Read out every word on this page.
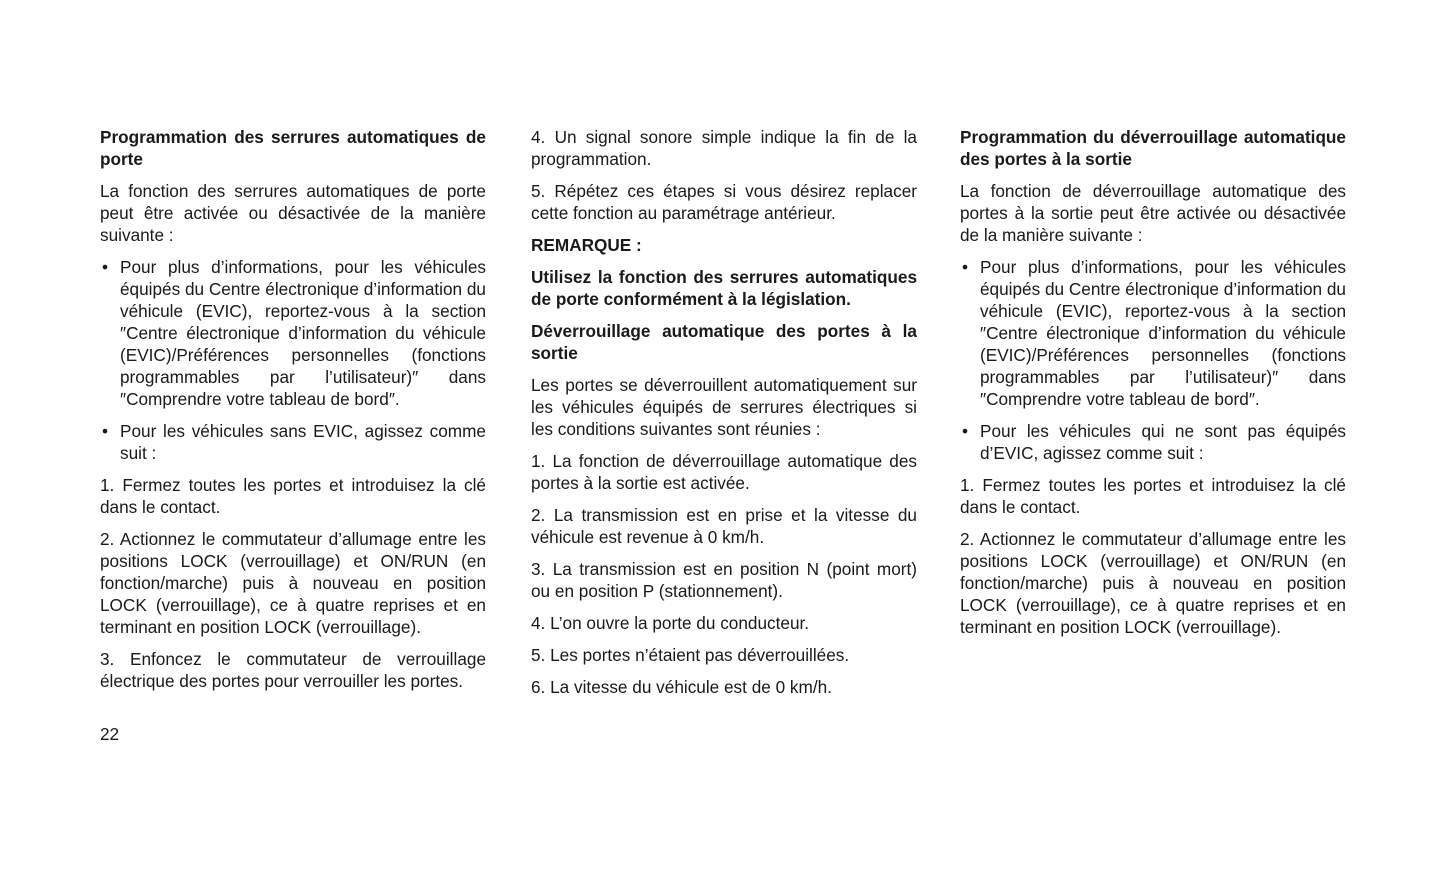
Programmation des serrures automatiques de porte

La fonction des serrures automatiques de porte peut être activée ou désactivée de la manière suivante :

• Pour plus d’informations, pour les véhicules équipés du Centre électronique d’information du véhicule (EVIC), reportez-vous à la section ″Centre électronique d’information du véhicule (EVIC)/Préférences personnelles (fonctions programmables par l’utilisateur)″ dans ″Comprendre votre tableau de bord″.
• Pour les véhicules sans EVIC, agissez comme suit :

1. Fermez toutes les portes et introduisez la clé dans le contact.

2. Actionnez le commutateur d’allumage entre les positions LOCK (verrouillage) et ON/RUN (en fonction/marche) puis à nouveau en position LOCK (verrouillage), ce à quatre reprises et en terminant en position LOCK (verrouillage).

3. Enfoncez le commutateur de verrouillage électrique des portes pour verrouiller les portes.

4. Un signal sonore simple indique la fin de la programmation.

5. Répétez ces étapes si vous désirez replacer cette fonction au paramétrage antérieur.

REMARQUE :

Utilisez la fonction des serrures automatiques de porte conformément à la législation.

Déverrouillage automatique des portes à la sortie

Les portes se déverrouillent automatiquement sur les véhicules équipés de serrures électriques si les conditions suivantes sont réunies :

1. La fonction de déverrouillage automatique des portes à la sortie est activée.

2. La transmission est en prise et la vitesse du véhicule est revenue à 0 km/h.

3. La transmission est en position N (point mort) ou en position P (stationnement).

4. L’on ouvre la porte du conducteur.

5. Les portes n’étaient pas déverrouillées.

6. La vitesse du véhicule est de 0 km/h.

Programmation du déverrouillage automatique des portes à la sortie

La fonction de déverrouillage automatique des portes à la sortie peut être activée ou désactivée de la manière suivante :

• Pour plus d’informations, pour les véhicules équipés du Centre électronique d’information du véhicule (EVIC), reportez-vous à la section ″Centre électronique d’information du véhicule (EVIC)/Préférences personnelles (fonctions programmables par l’utilisateur)″ dans ″Comprendre votre tableau de bord″.
• Pour les véhicules qui ne sont pas équipés d’EVIC, agissez comme suit :

1. Fermez toutes les portes et introduisez la clé dans le contact.

2. Actionnez le commutateur d’allumage entre les positions LOCK (verrouillage) et ON/RUN (en fonction/marche) puis à nouveau en position LOCK (verrouillage), ce à quatre reprises et en terminant en position LOCK (verrouillage).

22
